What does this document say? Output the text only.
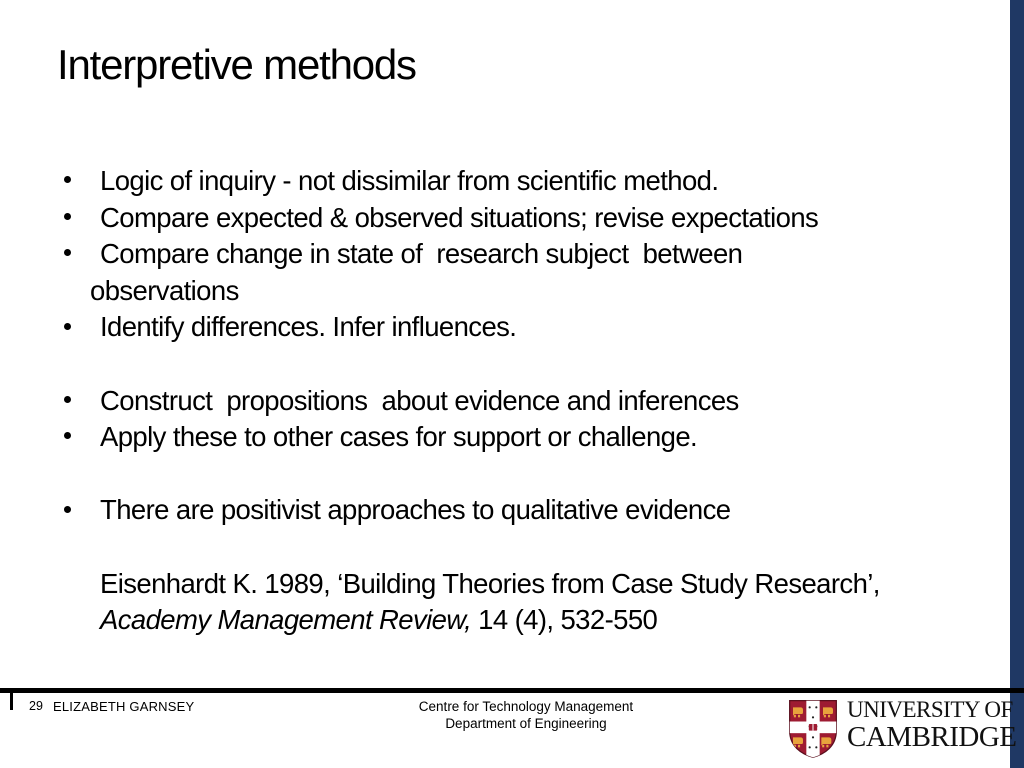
Interpretive methods
Logic of inquiry - not dissimilar from scientific method.
Compare expected & observed situations; revise expectations
Compare change in state of  research subject  between
observations
Identify differences. Infer influences.
Construct  propositions  about evidence and inferences
Apply these to other cases for support or challenge.
There are positivist approaches to qualitative evidence
Eisenhardt K. 1989, ‘Building Theories from Case Study Research’,
Academy Management Review, 14 (4), 532-550
29 ELIZABETH GARNSEY	Centre for Technology Management
Department of Engineering
UNIVERSITY OF
CAMBRIDGE
